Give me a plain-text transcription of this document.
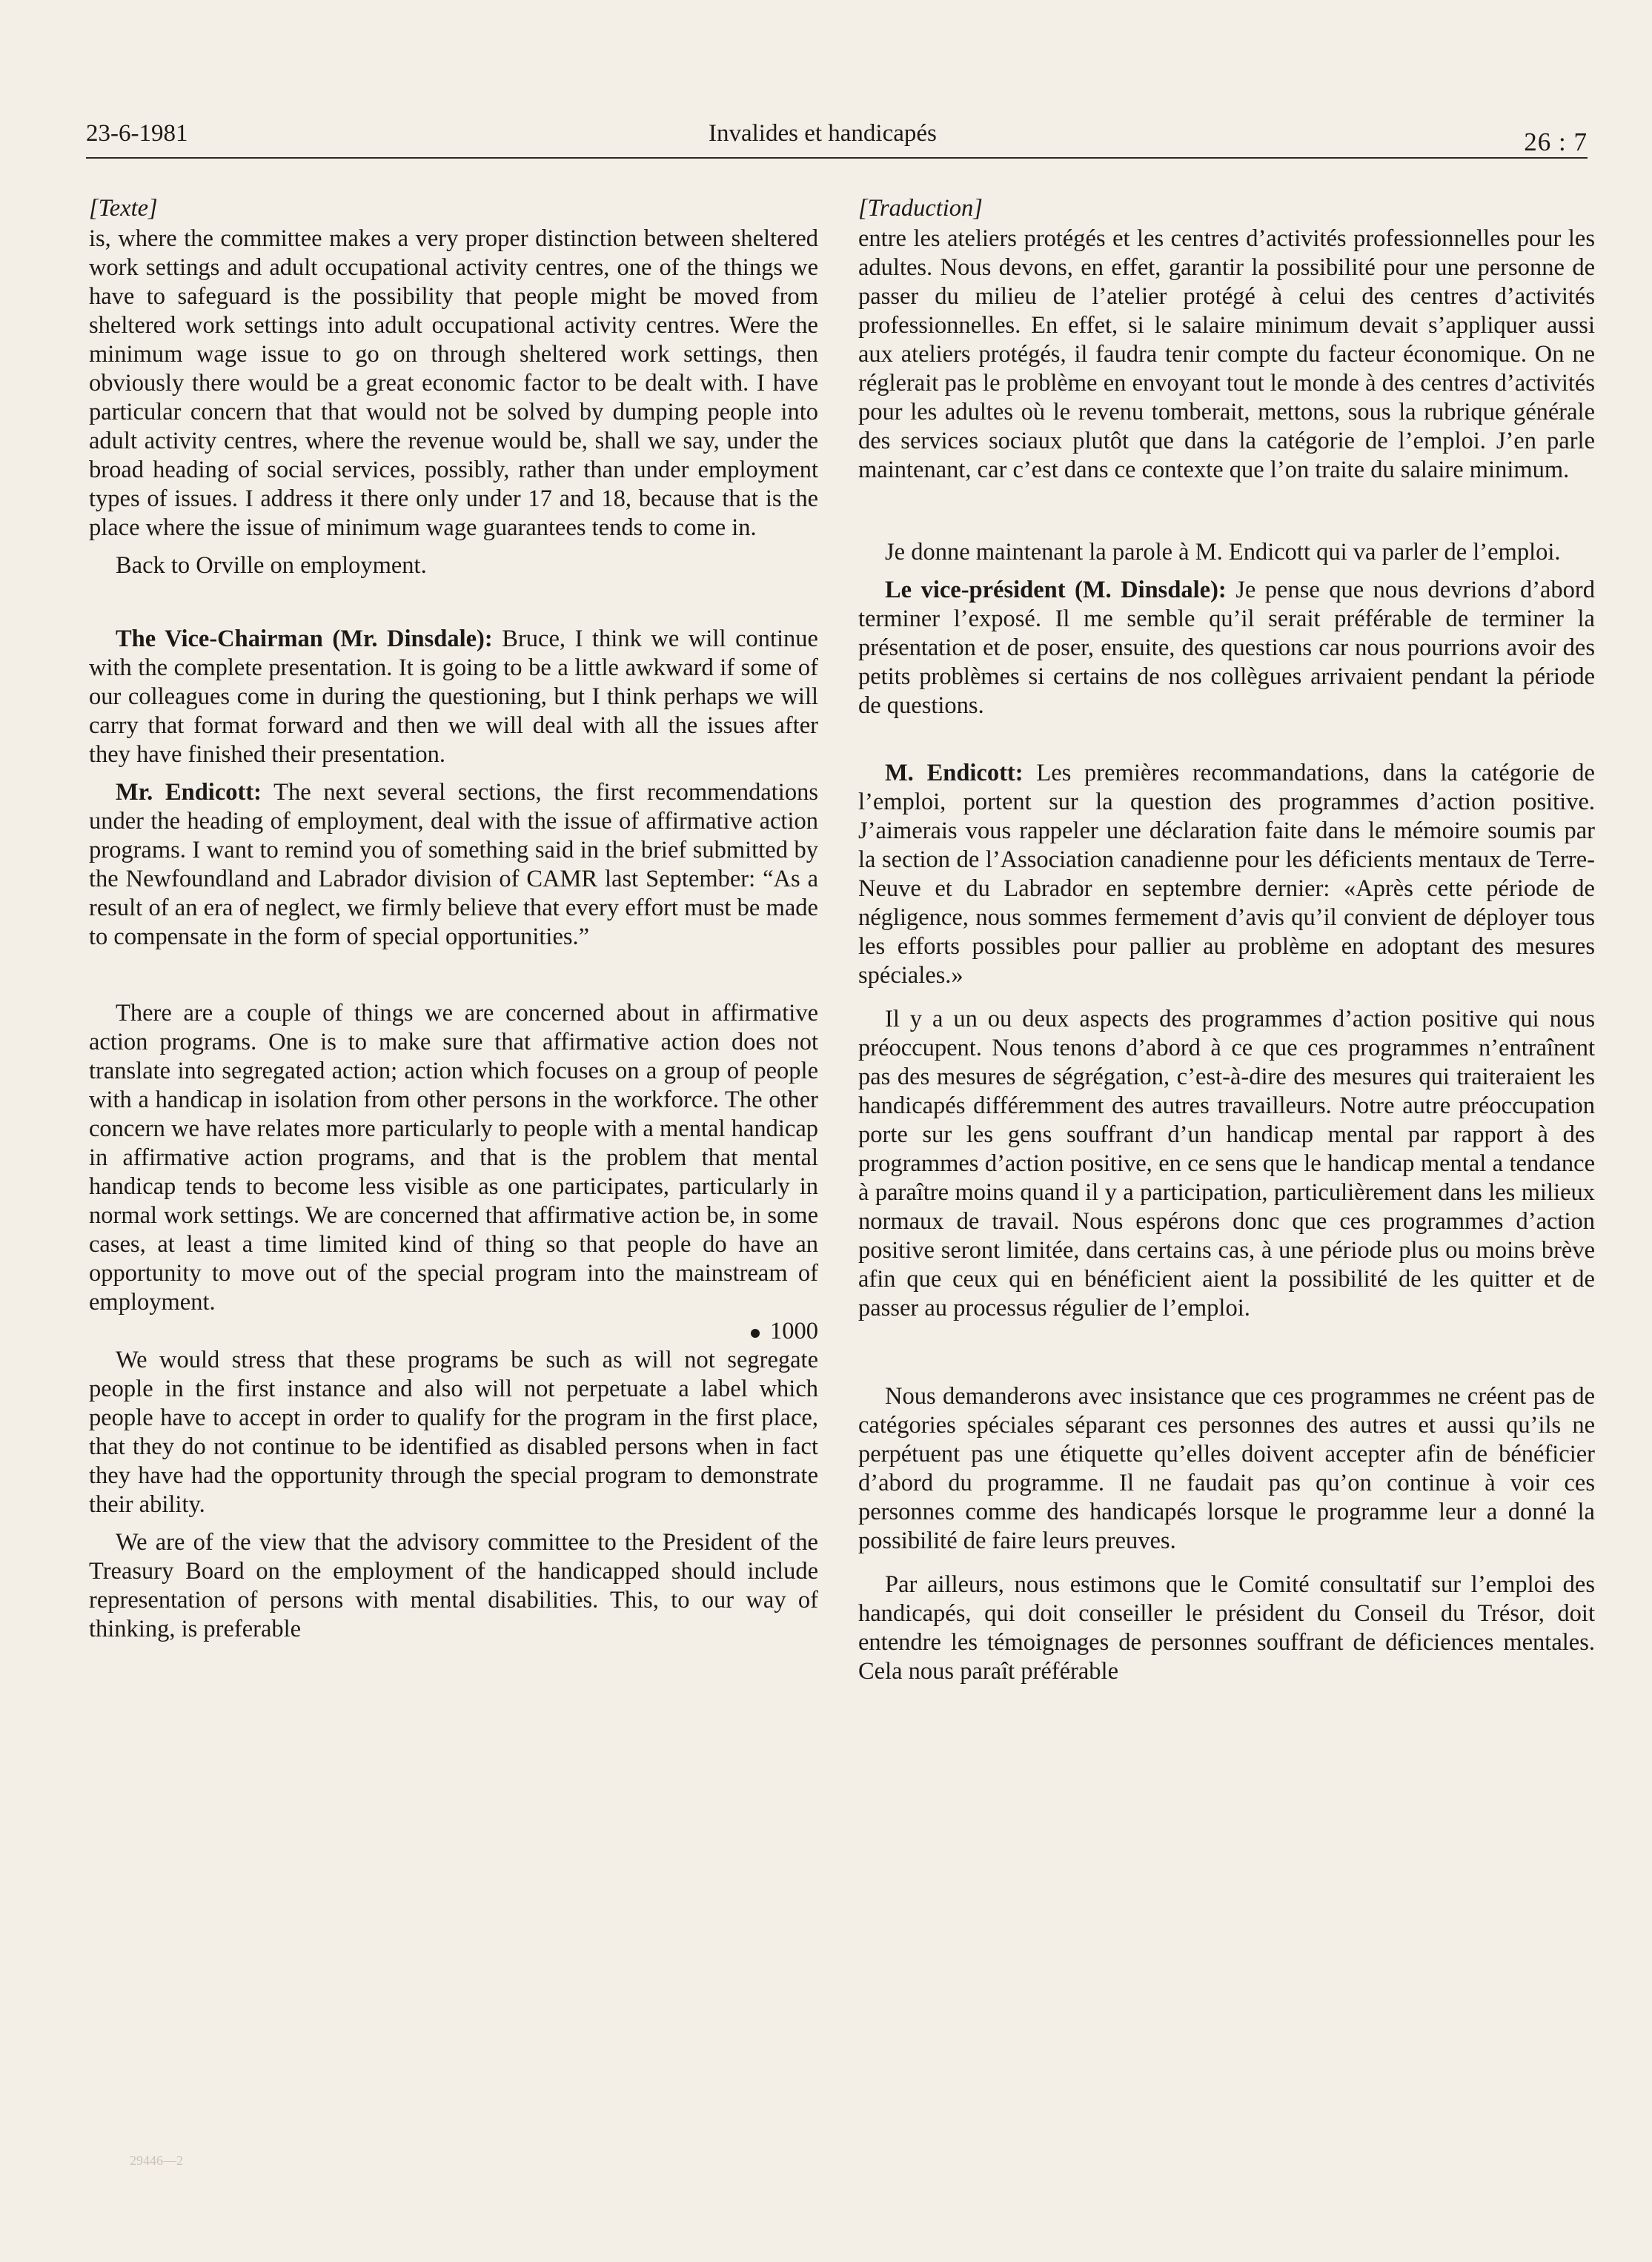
23-6-1981	Invalides et handicapés	26 : 7

[Texte]

is, where the committee makes a very proper distinction between sheltered work settings and adult occupational activity centres, one of the things we have to safeguard is the possibility that people might be moved from sheltered work settings into adult occupational activity centres. Were the minimum wage issue to go on through sheltered work settings, then obviously there would be a great economic factor to be dealt with. I have particular concern that that would not be solved by dumping people into adult activity centres, where the revenue would be, shall we say, under the broad heading of social services, possibly, rather than under employment types of issues. I address it there only under 17 and 18, because that is the place where the issue of minimum wage guarantees tends to come in.

Back to Orville on employment.

The Vice-Chairman (Mr. Dinsdale): Bruce, I think we will continue with the complete presentation. It is going to be a little awkward if some of our colleagues come in during the questioning, but I think perhaps we will carry that format forward and then we will deal with all the issues after they have finished their presentation.

Mr. Endicott: The next several sections, the first recommendations under the heading of employment, deal with the issue of affirmative action programs. I want to remind you of something said in the brief submitted by the Newfoundland and Labrador division of CAMR last September: “As a result of an era of neglect, we firmly believe that every effort must be made to compensate in the form of special opportunities.”

There are a couple of things we are concerned about in affirmative action programs. One is to make sure that affirmative action does not translate into segregated action; action which focuses on a group of people with a handicap in isolation from other persons in the workforce. The other concern we have relates more particularly to people with a mental handicap in affirmative action programs, and that is the problem that mental handicap tends to become less visible as one participates, particularly in normal work settings. We are concerned that affirmative action be, in some cases, at least a time limited kind of thing so that people do have an opportunity to move out of the special program into the mainstream of employment.

1000

We would stress that these programs be such as will not segregate people in the first instance and also will not perpetuate a label which people have to accept in order to qualify for the program in the first place, that they do not continue to be identified as disabled persons when in fact they have had the opportunity through the special program to demonstrate their ability.

We are of the view that the advisory committee to the President of the Treasury Board on the employment of the handicapped should include representation of persons with mental disabilities. This, to our way of thinking, is preferable

[Traduction]

entre les ateliers protégés et les centres d’activités professionnelles pour les adultes. Nous devons, en effet, garantir la possibilité pour une personne de passer du milieu de l’atelier protégé à celui des centres d’activités professionnelles. En effet, si le salaire minimum devait s’appliquer aussi aux ateliers protégés, il faudra tenir compte du facteur économique. On ne réglerait pas le problème en envoyant tout le monde à des centres d’activités pour les adultes où le revenu tomberait, mettons, sous la rubrique générale des services sociaux plutôt que dans la catégorie de l’emploi. J’en parle maintenant, car c’est dans ce contexte que l’on traite du salaire minimum.

Je donne maintenant la parole à M. Endicott qui va parler de l’emploi.

Le vice-président (M. Dinsdale): Je pense que nous devrions d’abord terminer l’exposé. Il me semble qu’il serait préférable de terminer la présentation et de poser, ensuite, des questions car nous pourrions avoir des petits problèmes si certains de nos collègues arrivaient pendant la période de questions.

M. Endicott: Les premières recommandations, dans la catégorie de l’emploi, portent sur la question des programmes d’action positive. J’aimerais vous rappeler une déclaration faite dans le mémoire soumis par la section de l’Association canadienne pour les déficients mentaux de Terre-Neuve et du Labrador en septembre dernier: «Après cette période de négligence, nous sommes fermement d’avis qu’il convient de déployer tous les efforts possibles pour pallier au problème en adoptant des mesures spéciales.»

Il y a un ou deux aspects des programmes d’action positive qui nous préoccupent. Nous tenons d’abord à ce que ces programmes n’entraînent pas des mesures de ségrégation, c’est-à-dire des mesures qui traiteraient les handicapés différemment des autres travailleurs. Notre autre préoccupation porte sur les gens souffrant d’un handicap mental par rapport à des programmes d’action positive, en ce sens que le handicap mental a tendance à paraître moins quand il y a participation, particulièrement dans les milieux normaux de travail. Nous espérons donc que ces programmes d’action positive seront limitée, dans certains cas, à une période plus ou moins brève afin que ceux qui en bénéficient aient la possibilité de les quitter et de passer au processus régulier de l’emploi.

Nous demanderons avec insistance que ces programmes ne créent pas de catégories spéciales séparant ces personnes des autres et aussi qu’ils ne perpétuent pas une étiquette qu’elles doivent accepter afin de bénéficier d’abord du programme. Il ne faudait pas qu’on continue à voir ces personnes comme des handicapés lorsque le programme leur a donné la possibilité de faire leurs preuves.

Par ailleurs, nous estimons que le Comité consultatif sur l’emploi des handicapés, qui doit conseiller le président du Conseil du Trésor, doit entendre les témoignages de personnes souffrant de déficiences mentales. Cela nous paraît préférable

29446—2
